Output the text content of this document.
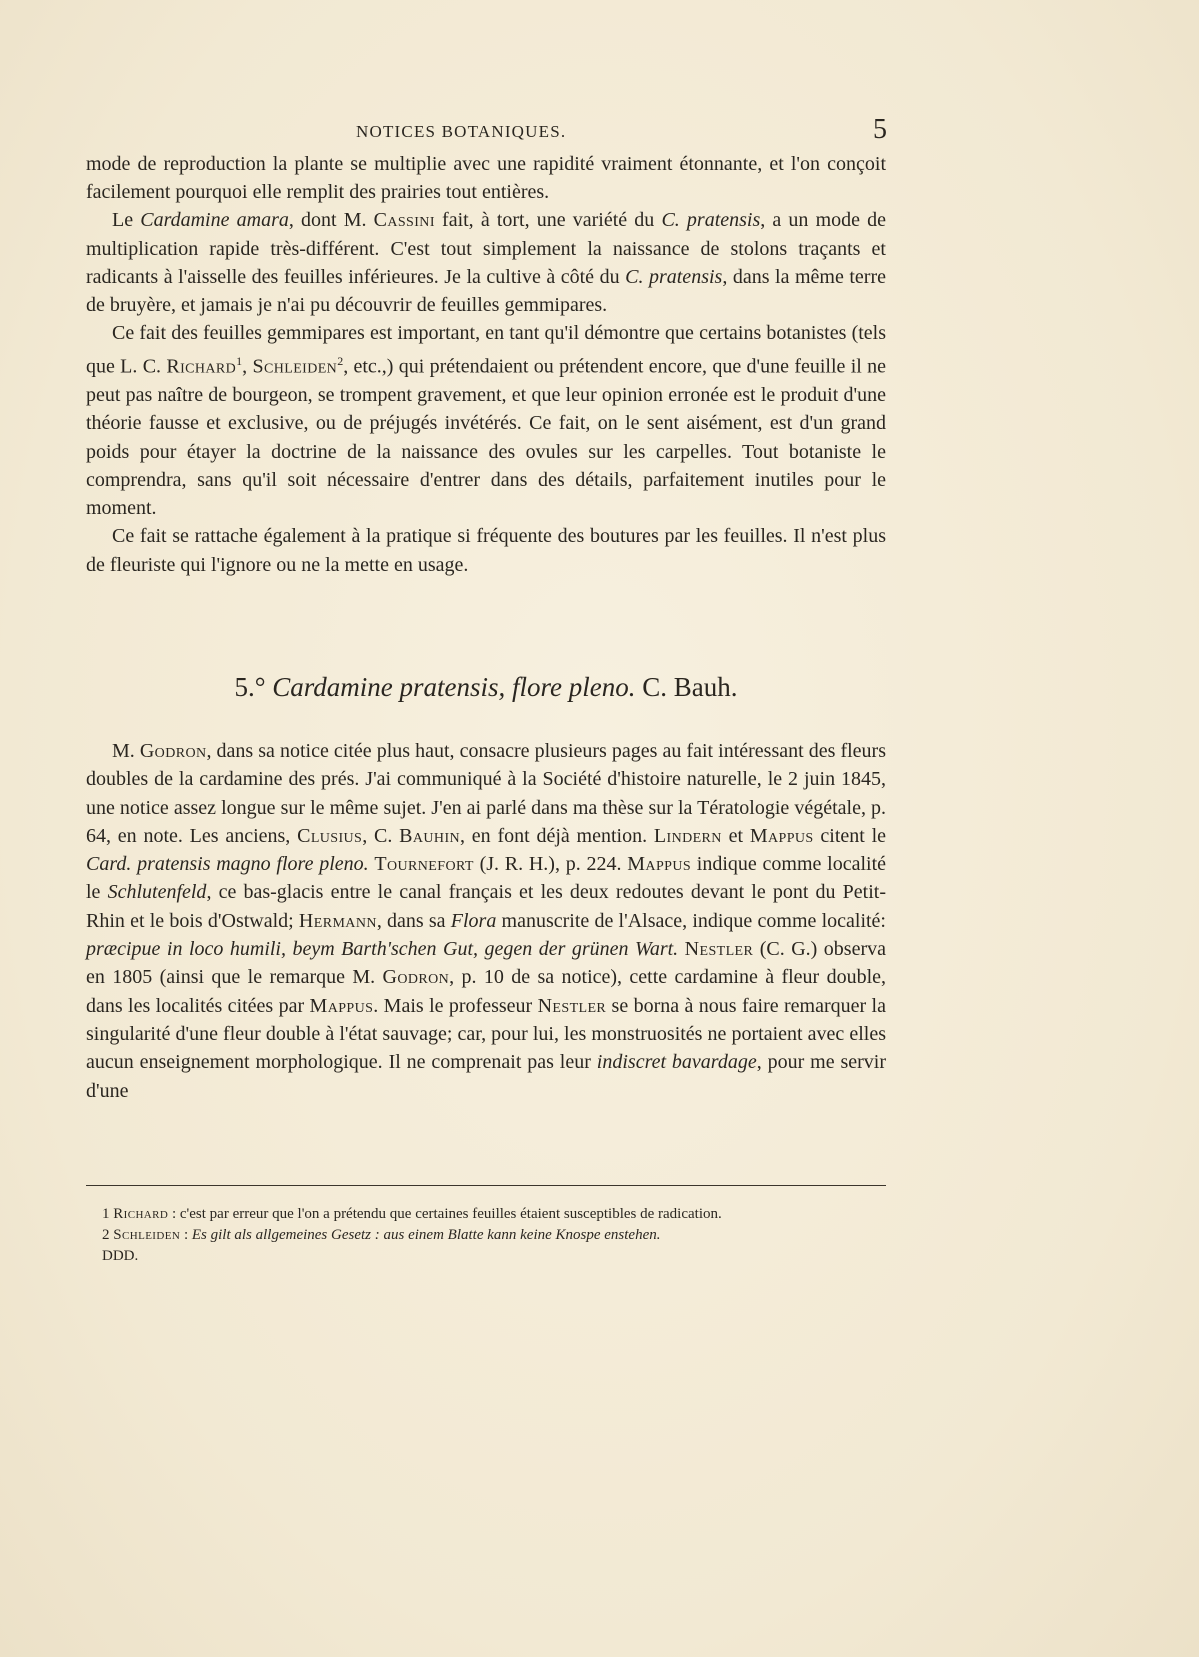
NOTICES BOTANIQUES.	5

mode de reproduction la plante se multiplie avec une rapidité vraiment étonnante, et l'on conçoit facilement pourquoi elle remplit des prairies tout entières.

Le Cardamine amara, dont M. Cassini fait, à tort, une variété du C. pratensis, a un mode de multiplication rapide très-différent. C'est tout simplement la naissance de stolons traçants et radicants à l'aisselle des feuilles inférieures. Je la cultive à côté du C. pratensis, dans la même terre de bruyère, et jamais je n'ai pu découvrir de feuilles gemmipares.

Ce fait des feuilles gemmipares est important, en tant qu'il démontre que certains botanistes (tels que L. C. Richard$^1$, Schleiden$^2$, etc.,) qui prétendaient ou prétendent encore, que d'une feuille il ne peut pas naître de bourgeon, se trompent gravement, et que leur opinion erronée est le produit d'une théorie fausse et exclusive, ou de préjugés invétérés. Ce fait, on le sent aisément, est d'un grand poids pour étayer la doctrine de la naissance des ovules sur les carpelles. Tout botaniste le comprendra, sans qu'il soit nécessaire d'entrer dans des détails, parfaitement inutiles pour le moment.

Ce fait se rattache également à la pratique si fréquente des boutures par les feuilles. Il n'est plus de fleuriste qui l'ignore ou ne la mette en usage.

5.° Cardamine pratensis, flore pleno. C. Bauh.

M. Godron, dans sa notice citée plus haut, consacre plusieurs pages au fait intéressant des fleurs doubles de la cardamine des prés. J'ai communiqué à la Société d'histoire naturelle, le 2 juin 1845, une notice assez longue sur le même sujet. J'en ai parlé dans ma thèse sur la Tératologie végétale, p. 64, en note. Les anciens, Clusius, C. Bauhin, en font déjà mention. Lindern et Mappus citent le Card. pratensis magno flore pleno. Tournefort (J. R. H.), p. 224. Mappus indique comme localité le Schlutenfeld, ce bas-glacis entre le canal français et les deux redoutes devant le pont du Petit-Rhin et le bois d'Ostwald; Hermann, dans sa Flora manuscrite de l'Alsace, indique comme localité: præcipue in loco humili, beym Barth'schen Gut, gegen der grünen Wart. Nestler (C. G.) observa en 1805 (ainsi que le remarque M. Godron, p. 10 de sa notice), cette cardamine à fleur double, dans les localités citées par Mappus. Mais le professeur Nestler se borna à nous faire remarquer la singularité d'une fleur double à l'état sauvage; car, pour lui, les monstruosités ne portaient avec elles aucun enseignement morphologique. Il ne comprenait pas leur indiscret bavardage, pour me servir d'une

1 Richard : c'est par erreur que l'on a prétendu que certaines feuilles étaient susceptibles de radication.

2 Schleiden : Es gilt als allgemeines Gesetz : aus einem Blatte kann keine Knospe enstehen.

DDD.
